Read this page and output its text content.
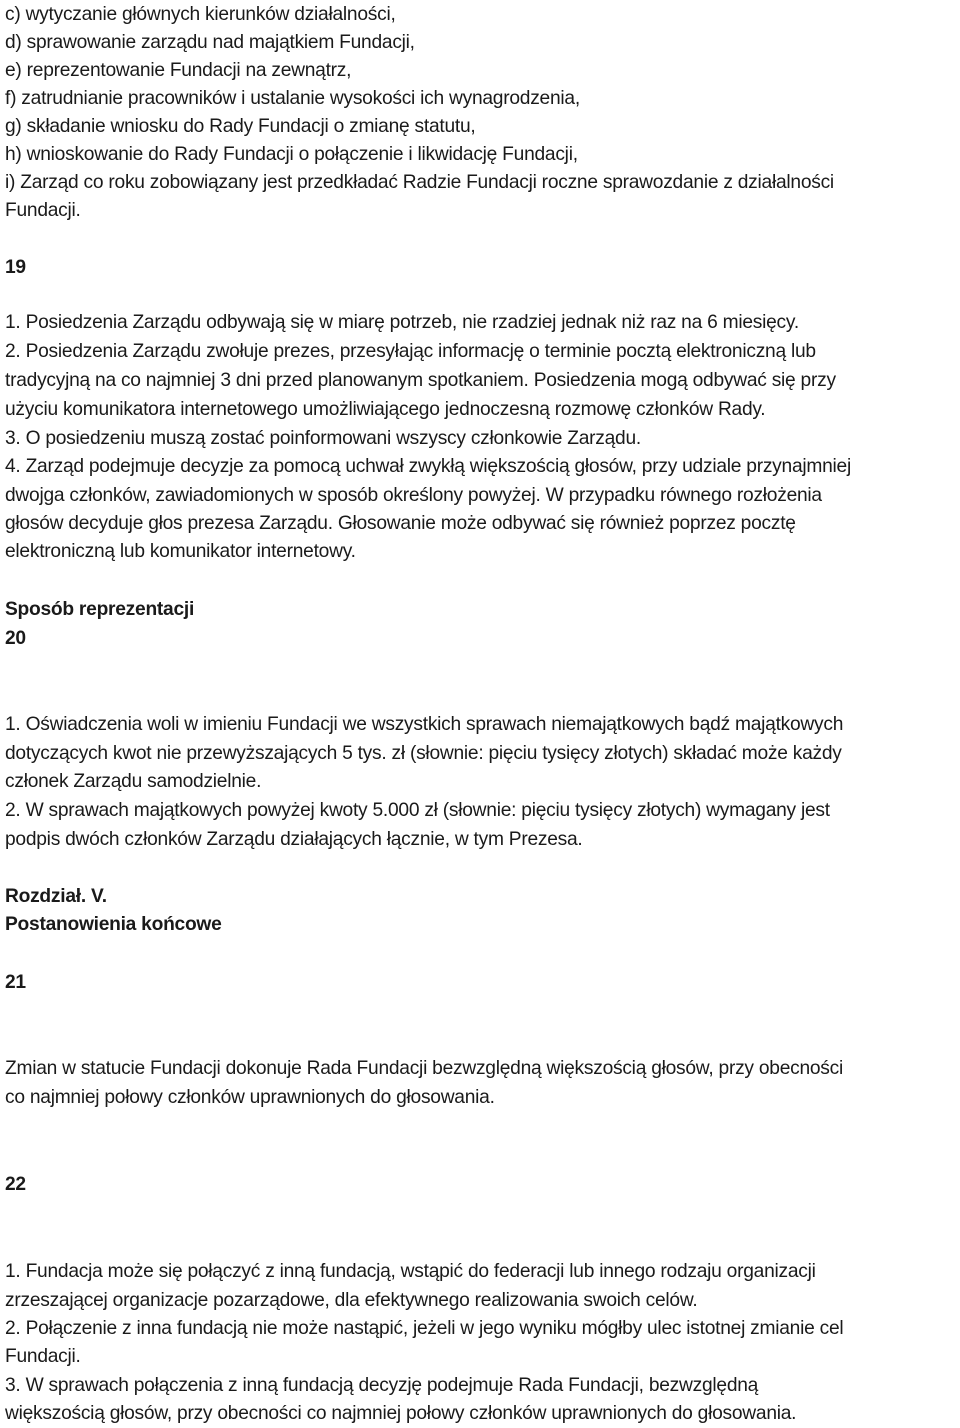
c) wytyczanie głównych kierunków działalności,
d) sprawowanie zarządu nad majątkiem Fundacji,
e) reprezentowanie Fundacji na zewnątrz,
f) zatrudnianie pracowników i ustalanie wysokości ich wynagrodzenia,
g) składanie wniosku do Rady Fundacji o zmianę statutu,
h) wnioskowanie do Rady Fundacji o połączenie i likwidację Fundacji,
i) Zarząd co roku zobowiązany jest przedkładać Radzie Fundacji roczne sprawozdanie z działalności
Fundacji.
19
1. Posiedzenia Zarządu odbywają się w miarę potrzeb, nie rzadziej jednak niż raz na 6 miesięcy.
2. Posiedzenia Zarządu zwołuje prezes, przesyłając informację o terminie pocztą elektroniczną lub
tradycyjną na co najmniej 3 dni przed planowanym spotkaniem. Posiedzenia mogą odbywać się przy
użyciu komunikatora internetowego umożliwiającego jednoczesną rozmowę członków Rady.
3. O posiedzeniu muszą zostać poinformowani wszyscy członkowie Zarządu.
4. Zarząd podejmuje decyzje za pomocą uchwał zwykłą większością głosów, przy udziale przynajmniej
dwojga członków, zawiadomionych w sposób określony powyżej. W przypadku równego rozłożenia
głosów decyduje głos prezesa Zarządu. Głosowanie może odbywać się również poprzez pocztę
elektroniczną lub komunikator internetowy.
Sposób reprezentacji
20
1. Oświadczenia woli w imieniu Fundacji we wszystkich sprawach niemajątkowych bądź majątkowych
dotyczących kwot nie przewyższających 5 tys. zł (słownie: pięciu tysięcy złotych) składać może każdy
członek Zarządu samodzielnie.
2. W sprawach majątkowych powyżej kwoty 5.000 zł (słownie: pięciu tysięcy złotych) wymagany jest
podpis dwóch członków Zarządu działających łącznie, w tym Prezesa.
Rozdział. V.
Postanowienia końcowe
21
Zmian w statucie Fundacji dokonuje Rada Fundacji bezwzględną większością głosów, przy obecności
co najmniej połowy członków uprawnionych do głosowania.
22
1. Fundacja może się połączyć z inną fundacją, wstąpić do federacji lub innego rodzaju organizacji
zrzeszającej organizacje pozarządowe, dla efektywnego realizowania swoich celów.
2. Połączenie z inna fundacją nie może nastąpić, jeżeli w jego wyniku mógłby ulec istotnej zmianie cel
Fundacji.
3. W sprawach połączenia z inną fundacją decyzję podejmuje Rada Fundacji, bezwzględną
większością głosów, przy obecności co najmniej połowy członków uprawnionych do głosowania.
